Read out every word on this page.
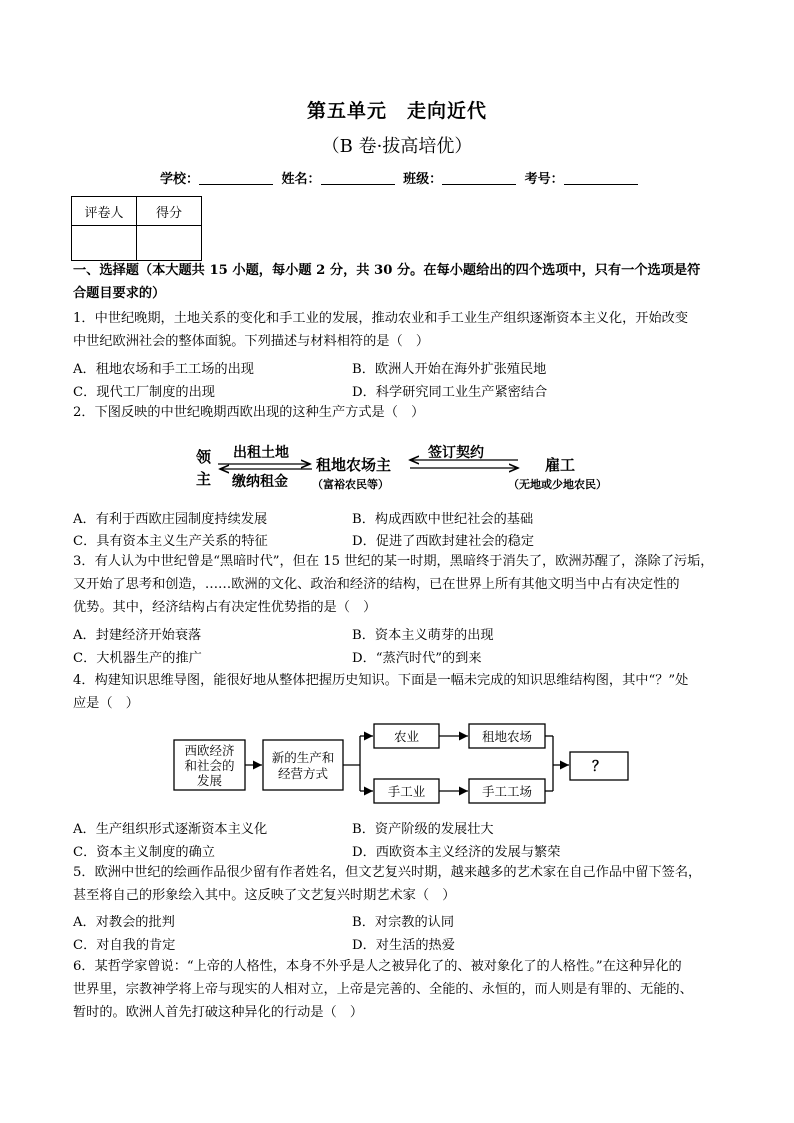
第五单元　走向近代
（B 卷·拔高培优）
学校：	姓名：	班级：	考号：
评卷人	得分

一、选择题（本大题共 15 小题，每小题 2 分，共 30 分。在每小题给出的四个选项中，只有一个选项是符
合题目要求的）
1．中世纪晚期，土地关系的变化和手工业的发展，推动农业和手工业生产组织逐渐资本主义化，开始改变
中世纪欧洲社会的整体面貌。下列描述与材料相符的是（　）
A．租地农场和手工工场的出现	B．欧洲人开始在海外扩张殖民地
C．现代工厂制度的出现	D．科学研究同工业生产紧密结合
2．下图反映的中世纪晚期西欧出现的这种生产方式是（　）
领
主
出租土地
缴纳租金
租地农场主
（富裕农民等）
签订契约
雇工
（无地或少地农民）
A．有利于西欧庄园制度持续发展	B．构成西欧中世纪社会的基础
C．具有资本主义生产关系的特征	D．促进了西欧封建社会的稳定
3．有人认为中世纪曾是“黑暗时代”，但在 15 世纪的某一时期，黑暗终于消失了，欧洲苏醒了，涤除了污垢，
又开始了思考和创造，……欧洲的文化、政治和经济的结构，已在世界上所有其他文明当中占有决定性的
优势。其中，经济结构占有决定性优势指的是（　）
A．封建经济开始衰落	B．资本主义萌芽的出现
C．大机器生产的推广	D．“蒸汽时代”的到来
4．构建知识思维导图，能很好地从整体把握历史知识。下面是一幅未完成的知识思维结构图，其中“？”处
应是（　）
西欧经济
和社会的
发展
新的生产和
经营方式
农业	租地农场
手工业	手工工场
？
A．生产组织形式逐渐资本主义化	B．资产阶级的发展壮大
C．资本主义制度的确立	D．西欧资本主义经济的发展与繁荣
5．欧洲中世纪的绘画作品很少留有作者姓名，但文艺复兴时期，越来越多的艺术家在自己作品中留下签名，
甚至将自己的形象绘入其中。这反映了文艺复兴时期艺术家（　）
A．对教会的批判	B．对宗教的认同
C．对自我的肯定	D．对生活的热爱
6．某哲学家曾说：“上帝的人格性，本身不外乎是人之被异化了的、被对象化了的人格性。”在这种异化的
世界里，宗教神学将上帝与现实的人相对立，上帝是完善的、全能的、永恒的，而人则是有罪的、无能的、
暂时的。欧洲人首先打破这种异化的行动是（　）
